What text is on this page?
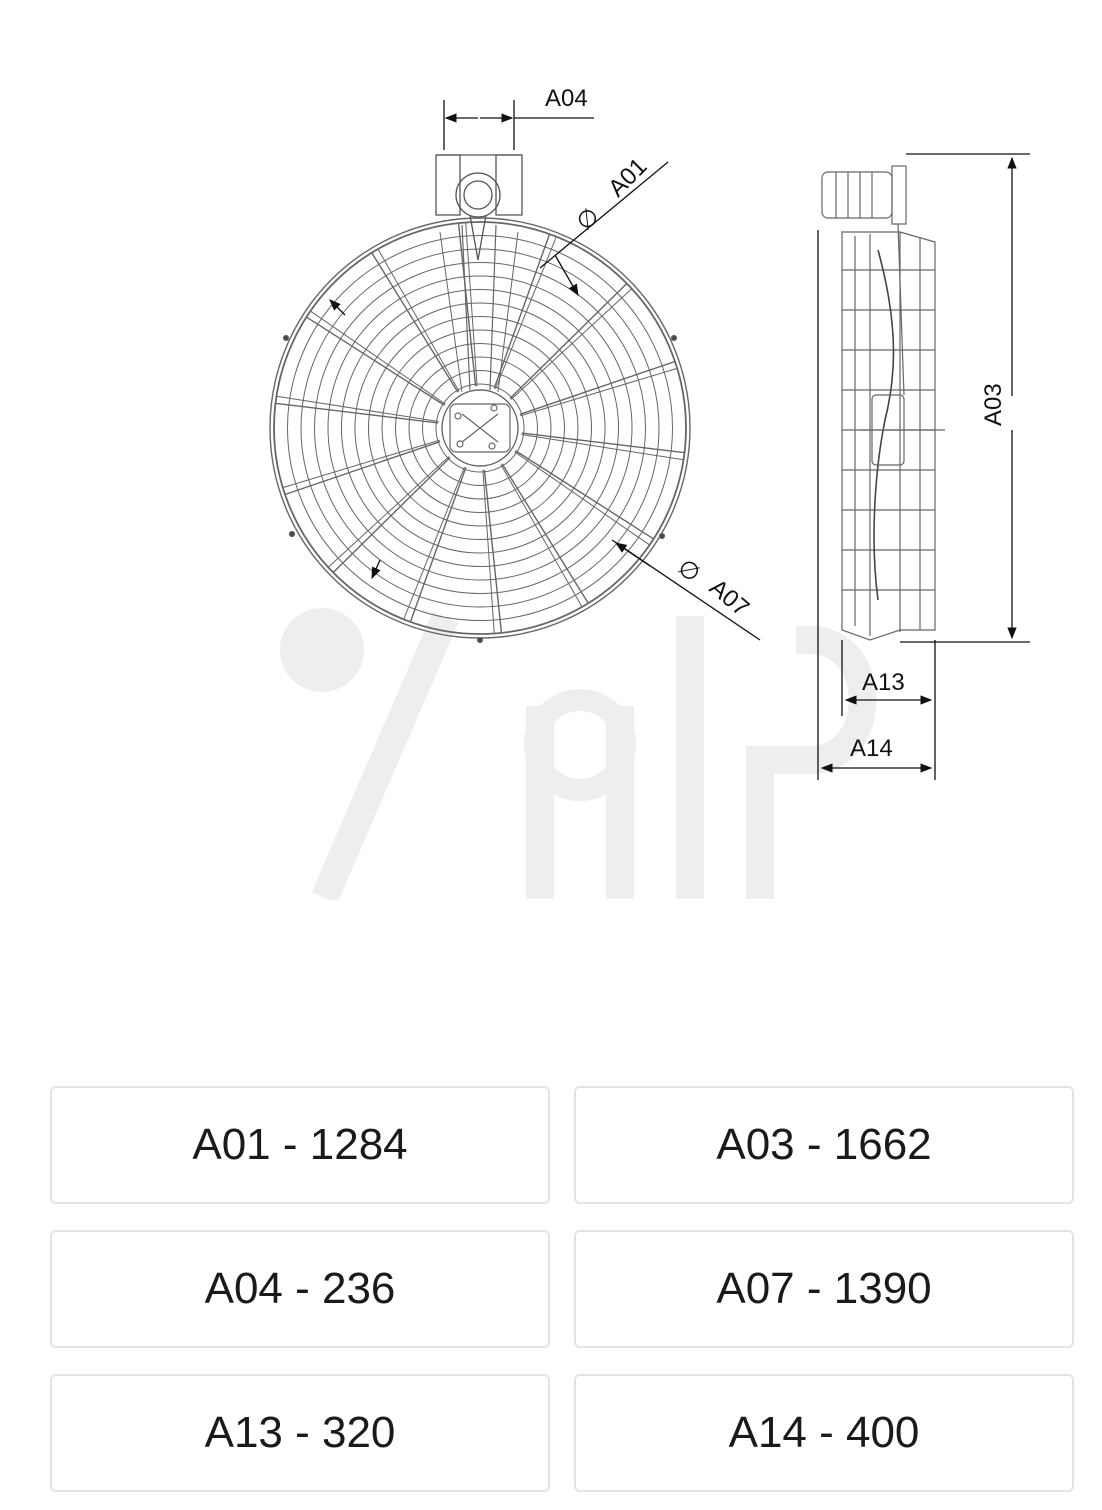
A04
∅
A01
∅
A07
A03
A13
A14
A01 - 1284	A03 - 1662
A04 - 236	A07 - 1390
A13 - 320	A14 - 400
